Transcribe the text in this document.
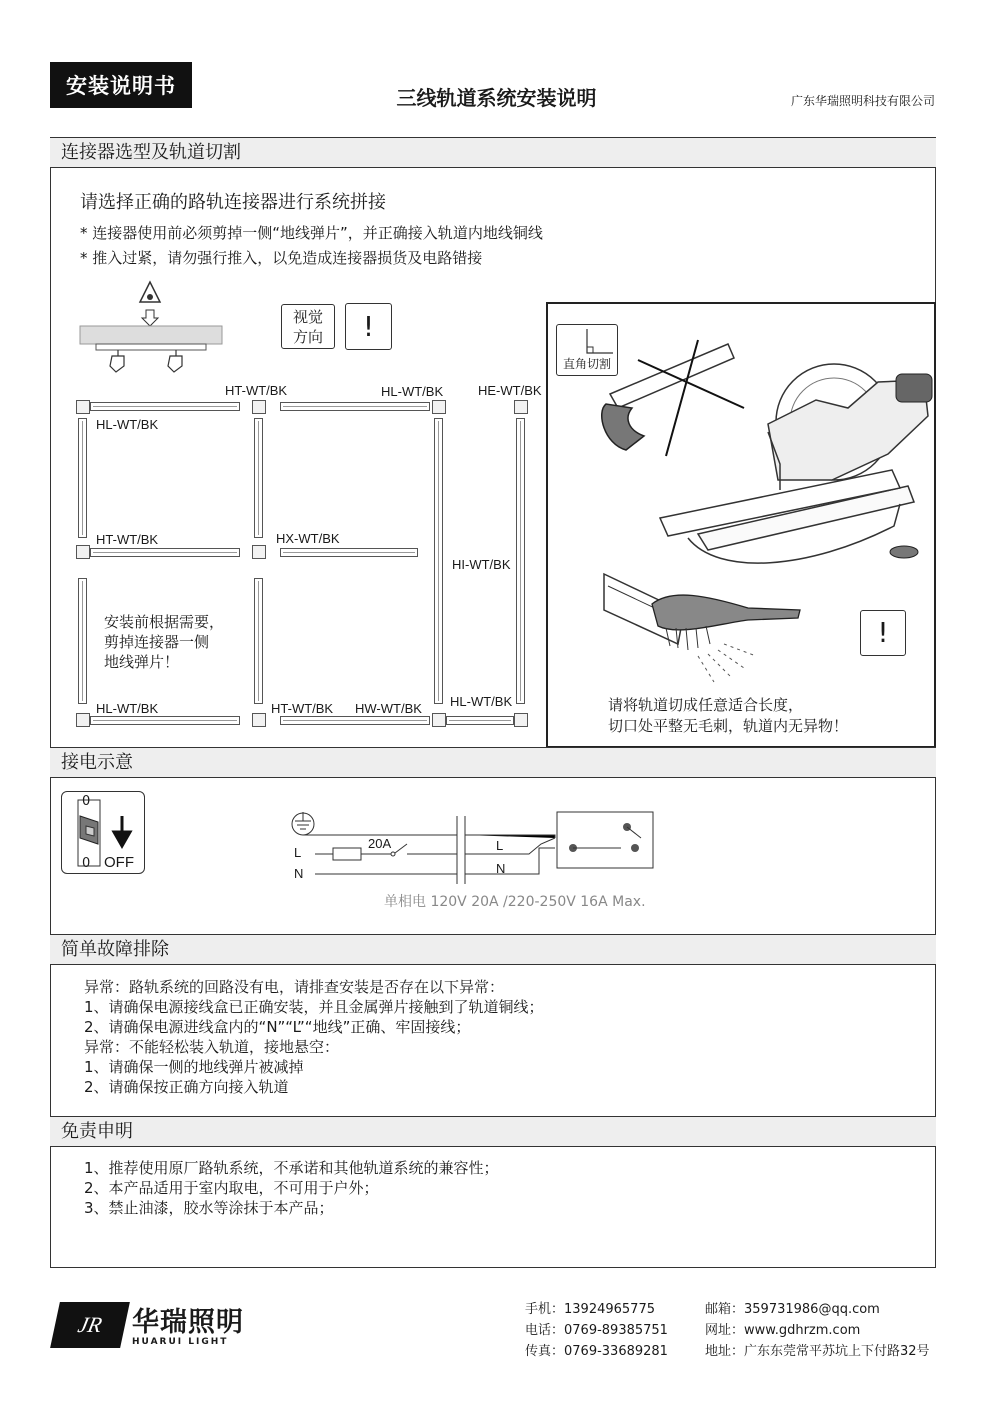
安装说明书	三线轨道系统安装说明	广东华瑞照明科技有限公司
连接器选型及轨道切割
请选择正确的路轨连接器进行系统拼接
* 连接器使用前必须剪掉一侧“地线弹片”，并正确接入轨道内地线铜线
* 推入过紧，请勿强行推入，以免造成连接器损货及电路错接
视觉
方向	!
HT-WT/BK	HL-WT/BK	HE-WT/BK
HL-WT/BK
HT-WT/BK	HX-WT/BK
HI-WT/BK
HL-WT/BK	HT-WT/BK HW-WT/BK HL-WT/BK
安装前根据需要，
剪掉连接器一侧
地线弹片！
直角切割
!
请将轨道切成任意适合长度，
切口处平整无毛刺，轨道内无异物！
接电示意
0
0 OFF
20A
L
N
L
N
单相电 120V 20A /220-250V 16A Max.
简单故障排除
异常：路轨系统的回路没有电，请排查安装是否存在以下异常：
1、请确保电源接线盒已正确安装，并且金属弹片接触到了轨道铜线；
2、请确保电源进线盒内的“N”“L”“地线”正确、牢固接线；
异常：不能轻松装入轨道，接地悬空：
1、请确保一侧的地线弹片被减掉
2、请确保按正确方向接入轨道
免责申明
1、推荐使用原厂路轨系统，不承诺和其他轨道系统的兼容性；
2、本产品适用于室内取电，不可用于户外；
3、禁止油漆，胶水等涂抹于本产品；
JR	华瑞照明
HUARUI LIGHT
手机：13924965775
电话：0769-89385751
传真：0769-33689281
邮箱：359731986@qq.com
网址：www.gdhrzm.com
地址：广东东莞常平苏坑上下付路32号
